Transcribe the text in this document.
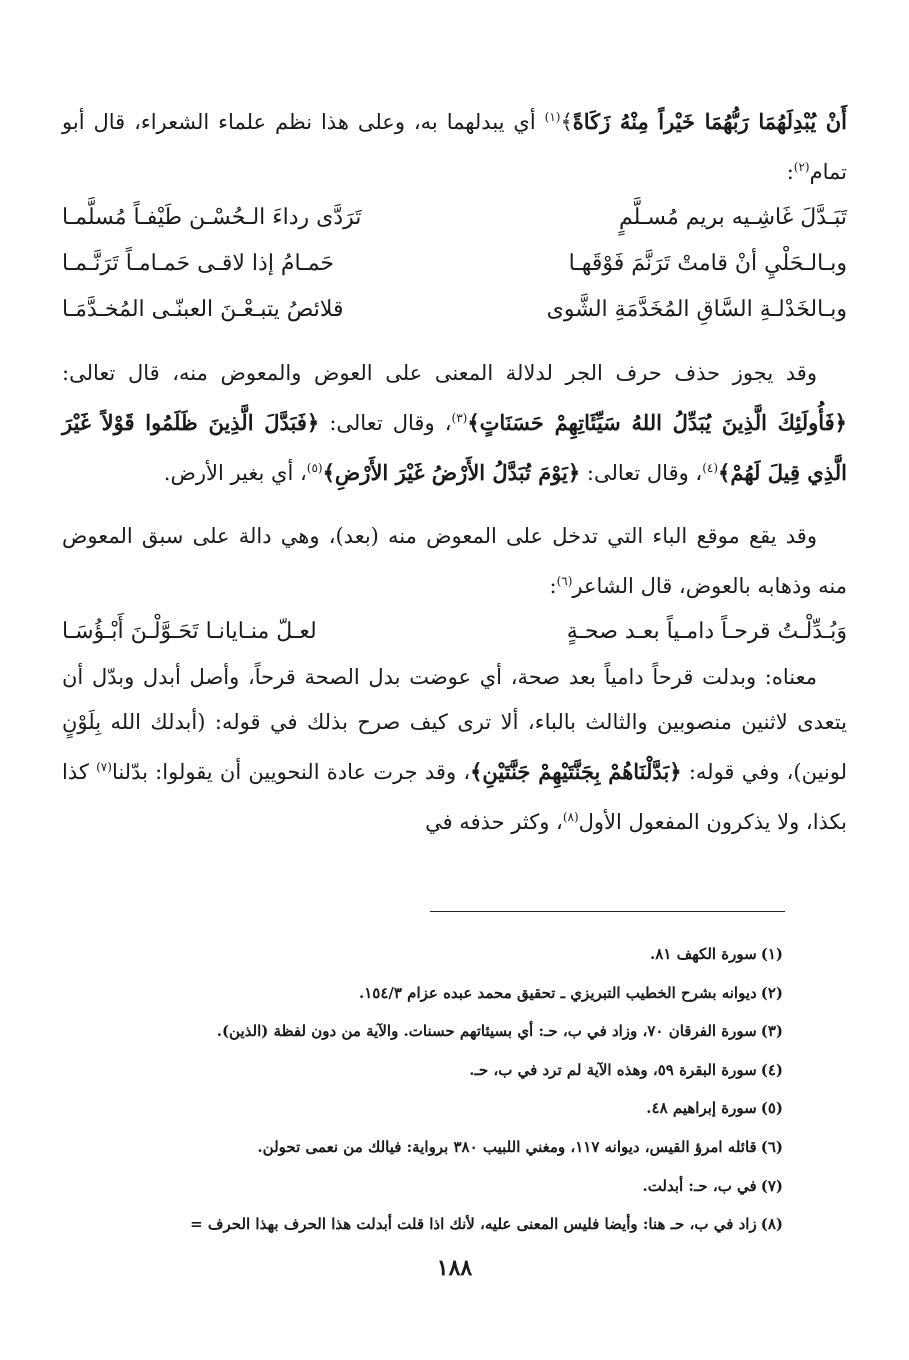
أَنْ يُبْدِلَهُمَا رَبُّهُمَا خَيْراً مِنْهُ زَكَاةً﴾$^{(١)}$ أي يبدلهما به، وعلى هذا نظم علماء الشعراء، قال أبو تمام$^{(٢)}$:

تَبَـدَّلَ غَاشِـيه بريم مُسـلَّمٍ
تَرَدَّى رداءَ الـحُسْـن طَيْفـاً مُسلَّمـا
وبـالـحَلْيِ أنْ قامتْ تَرَنَّمَ فَوْقَهـا
حَمـامُ إذا لاقـى حَمـامـاً تَرَنَّـمـا
وبـالخَدْلـةِ السَّاقِ المُخَدَّمَةِ الشَّوى
قلائصُ يتبـعْـنَ العبنّـى المُخـدَّمَـا

وقد يجوز حذف حرف الجر لدلالة المعنى على العوض والمعوض منه، قال تعالى: ﴿فَأُولَئِكَ الَّذِينَ يُبَدِّلُ اللهُ سَيِّئَاتِهِمْ حَسَنَاتٍ﴾$^{(٣)}$، وقال تعالى: ﴿فَبَدَّلَ الَّذِينَ ظَلَمُوا قَوْلاً غَيْرَ الَّذِي قِيلَ لَهُمْ﴾$^{(٤)}$، وقال تعالى: ﴿يَوْمَ تُبَدَّلُ الأَرْضُ غَيْرَ الأَرْضِ﴾$^{(٥)}$، أي بغير الأرض.

وقد يقع موقع الباء التي تدخل على المعوض منه (بعد)، وهي دالة على سبق المعوض منه وذهابه بالعوض، قال الشاعر$^{(٦)}$:

وَبُـدِّلْـتُ قرحـاً دامـياً بعـد صحـةٍ
لعـلّ منـايانـا تَحَـوَّلْـنَ أَبْـؤُسَـا

معناه: وبدلت قرحاً دامياً بعد صحة، أي عوضت بدل الصحة قرحاً، وأصل أبدل وبدّل أن يتعدى لاثنين منصوبين والثالث بالباء، ألا ترى كيف صرح بذلك في قوله: (أبدلك الله بِلَوْنٍ لونين)، وفي قوله: ﴿بَدَّلْنَاهُمْ بِجَنَّتَيْهِمْ جَنَّتَيْنِ﴾، وقد جرت عادة النحويين أن يقولوا: بدّلنا$^{(٧)}$ كذا بكذا، ولا يذكرون المفعول الأول$^{(٨)}$، وكثر حذفه في

(١)سورة الكهف ٨١.
(٢)ديوانه بشرح الخطيب التبريزي ـ تحقيق محمد عبده عزام ١٥٤/٣.
(٣)سورة الفرقان ٧٠، وزاد في ب، حـ: أي بسيئاتهم حسنات. والآية من دون لفظة (الذين).
(٤)سورة البقرة ٥٩، وهذه الآية لم ترد في ب، حـ.
(٥)سورة إبراهيم ٤٨.
(٦)قائله امرؤ القيس، ديوانه ١١٧، ومغني اللبيب ٣٨٠ برواية: فيالك من نعمى تحولن.
(٧)في ب، حـ: أبدلت.
(٨)زاد في ب، حـ هنا: وأيضا فليس المعنى عليه، لأنك اذا قلت أبدلت هذا الحرف بهذا الحرف =
١٨٨
